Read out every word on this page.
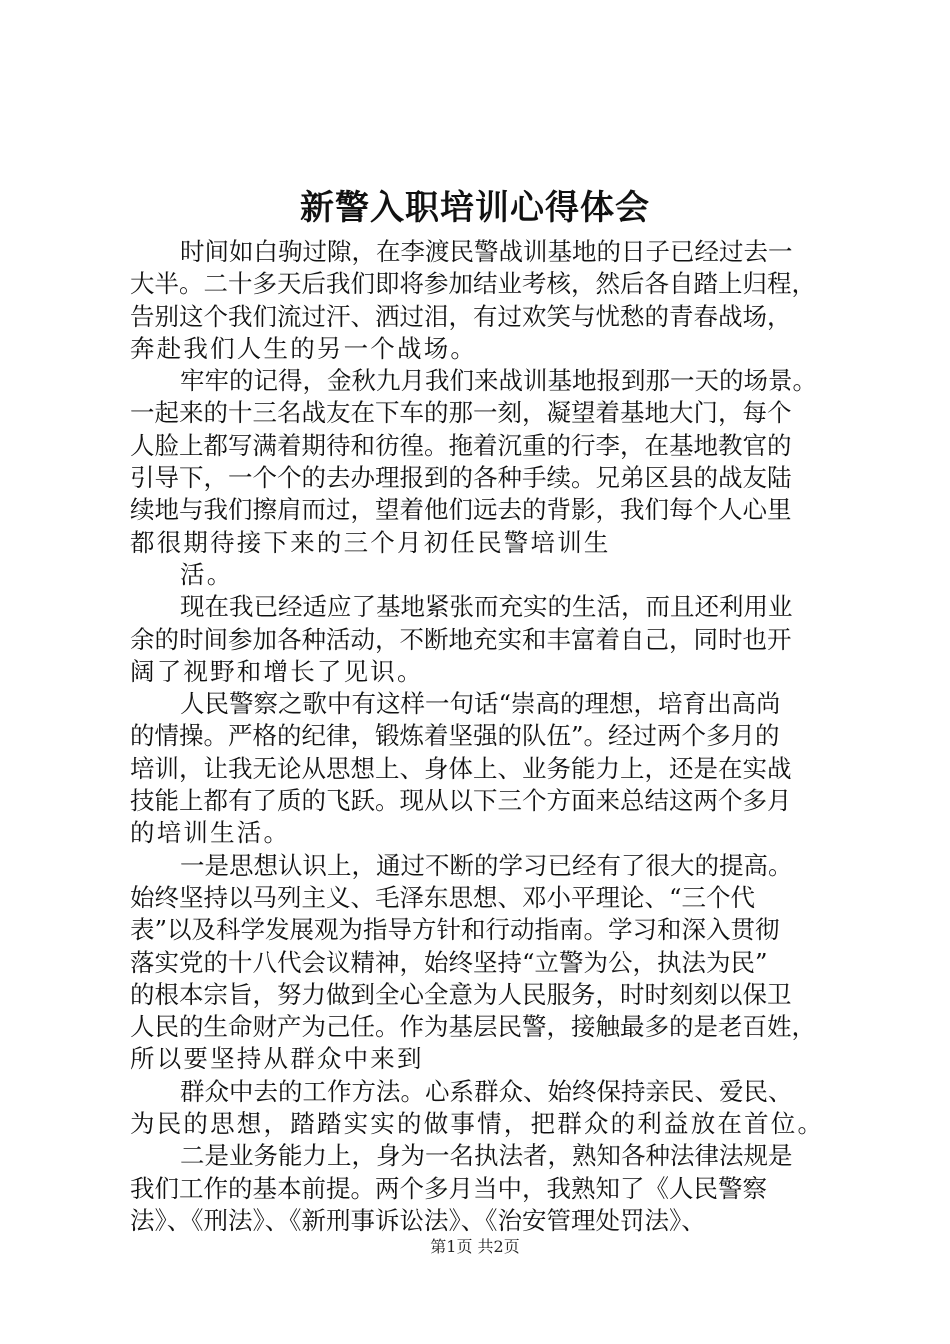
新警入职培训心得体会
时间如白驹过隙，在李渡民警战训基地的日子已经过去一
大半。二十多天后我们即将参加结业考核，然后各自踏上归程，
告别这个我们流过汗、洒过泪，有过欢笑与忧愁的青春战场，
奔赴我们人生的另一个战场。
牢牢的记得，金秋九月我们来战训基地报到那一天的场景。
一起来的十三名战友在下车的那一刻，凝望着基地大门，每个
人脸上都写满着期待和彷徨。拖着沉重的行李，在基地教官的
引导下，一个个的去办理报到的各种手续。兄弟区县的战友陆
续地与我们擦肩而过，望着他们远去的背影，我们每个人心里
都很期待接下来的三个月初任民警培训生
活。
现在我已经适应了基地紧张而充实的生活，而且还利用业
余的时间参加各种活动，不断地充实和丰富着自己，同时也开
阔了视野和增长了见识。
人民警察之歌中有这样一句话“崇高的理想，培育出高尚
的情操。严格的纪律，锻炼着坚强的队伍”。经过两个多月的
培训，让我无论从思想上、身体上、业务能力上，还是在实战
技能上都有了质的飞跃。现从以下三个方面来总结这两个多月
的培训生活。
一是思想认识上，通过不断的学习已经有了很大的提高。
始终坚持以马列主义、毛泽东思想、邓小平理论、“三个代
表”以及科学发展观为指导方针和行动指南。学习和深入贯彻
落实党的十八代会议精神，始终坚持“立警为公，执法为民”
的根本宗旨，努力做到全心全意为人民服务，时时刻刻以保卫
人民的生命财产为己任。作为基层民警，接触最多的是老百姓，
所以要坚持从群众中来到
群众中去的工作方法。心系群众、始终保持亲民、爱民、
为民的思想，踏踏实实的做事情，把群众的利益放在首位。
二是业务能力上，身为一名执法者，熟知各种法律法规是
我们工作的基本前提。两个多月当中，我熟知了《人民警察
法》、《刑法》、《新刑事诉讼法》、《治安管理处罚法》、
第1页 共2页
